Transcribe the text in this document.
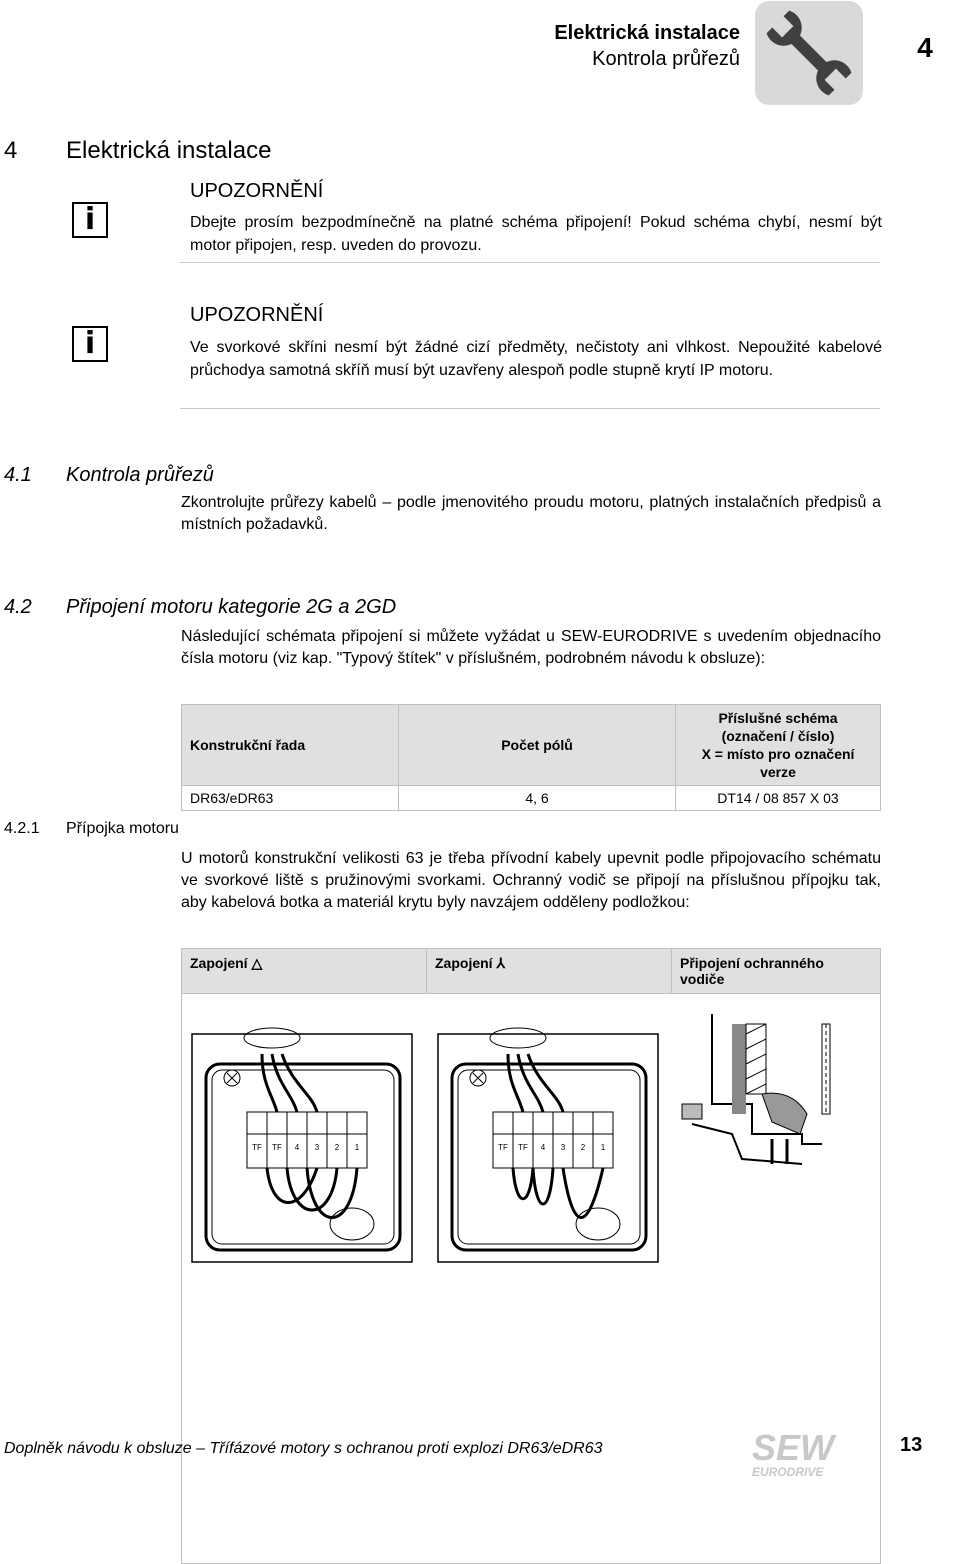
Elektrická instalace
Kontrola průřezů	4
4 Elektrická instalace
i
UPOZORNĚNÍ
Dbejte prosím bezpodmínečně na platné schéma připojení! Pokud schéma chybí, nesmí být motor připojen, resp. uveden do provozu.
i
UPOZORNĚNÍ
Ve svorkové skříni nesmí být žádné cizí předměty, nečistoty ani vlhkost. Nepoužité kabelové průchodya samotná skříň musí být uzavřeny alespoň podle stupně krytí IP motoru.
4.1 Kontrola průřezů
Zkontrolujte průřezy kabelů – podle jmenovitého proudu motoru, platných instalačních předpisů a místních požadavků.
4.2 Připojení motoru kategorie 2G a 2GD
Následující schémata připojení si můžete vyžádat u SEW-EURODRIVE s uvedením objednacího čísla motoru (viz kap. "Typový štítek" v příslušném, podrobném návodu k obsluze):
Konstrukční řada	Počet pólů	Příslušné schéma
(označení / číslo)
X = místo pro označení verze

DR63/eDR63	4, 6	DT14 / 08 857 X 03
4.2.1 Přípojka motoru
U motorů konstrukční velikosti 63 je třeba přívodní kabely upevnit podle připojovacího schématu ve svorkové liště s pružinovými svorkami. Ochranný vodič se připojí na příslušnou přípojku tak, aby kabelová botka a materiál krytu byly navzájem odděleny podložkou:
Zapojení △	Zapojení ⅄	Připojení ochranného vodiče

TF TF 4 3 2 1	TF TF 4 3 2 1
Doplněk návodu k obsluze – Třífázové motory s ochranou proti explozi DR63/eDR63	SEW
EURODRIVE
13
